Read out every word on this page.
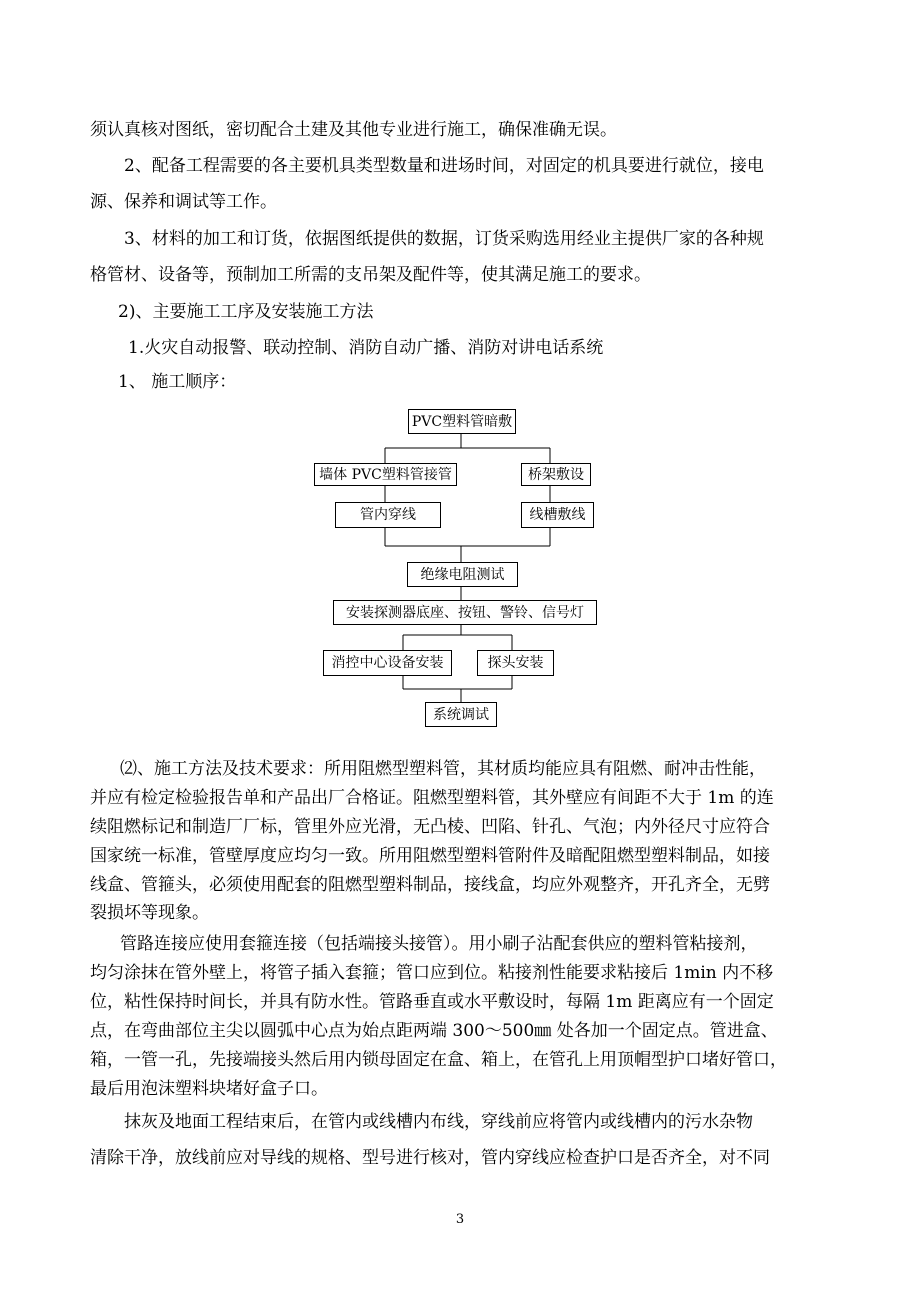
须认真核对图纸，密切配合土建及其他专业进行施工，确保准确无误。
2、配备工程需要的各主要机具类型数量和进场时间，对固定的机具要进行就位，接电
源、保养和调试等工作。
3、材料的加工和订货，依据图纸提供的数据，订货采购选用经业主提供厂家的各种规
格管材、设备等，预制加工所需的支吊架及配件等，使其满足施工的要求。
2)、主要施工工序及安装施工方法
1.火灾自动报警、联动控制、消防自动广播、消防对讲电话系统
1、 施工顺序：
PVC塑料管暗敷
墙体 PVC塑料管接管	桥架敷设
管内穿线	线槽敷线
绝缘电阻测试
安装探测器底座、按钮、警铃、信号灯
消控中心设备安装	探头安装
系统调试
⑵、施工方法及技术要求：所用阻燃型塑料管，其材质均能应具有阻燃、耐冲击性能，
并应有检定检验报告单和产品出厂合格证。阻燃型塑料管，其外壁应有间距不大于 1m 的连
续阻燃标记和制造厂厂标，管里外应光滑，无凸棱、凹陷、针孔、气泡；内外径尺寸应符合
国家统一标准，管壁厚度应均匀一致。所用阻燃型塑料管附件及暗配阻燃型塑料制品，如接
线盒、管箍头，必须使用配套的阻燃型塑料制品，接线盒，均应外观整齐，开孔齐全，无劈
裂损坏等现象。
管路连接应使用套箍连接（包括端接头接管）。用小刷子沾配套供应的塑料管粘接剂，
均匀涂抹在管外壁上，将管子插入套箍；管口应到位。粘接剂性能要求粘接后 1min 内不移
位，粘性保持时间长，并具有防水性。管路垂直或水平敷设时，每隔 1m 距离应有一个固定
点，在弯曲部位主尖以圆弧中心点为始点距两端 300～500㎜ 处各加一个固定点。管进盒、
箱，一管一孔，先接端接头然后用内锁母固定在盒、箱上，在管孔上用顶帽型护口堵好管口，
最后用泡沫塑料块堵好盒子口。
抹灰及地面工程结束后，在管内或线槽内布线，穿线前应将管内或线槽内的污水杂物
清除干净，放线前应对导线的规格、型号进行核对，管内穿线应检查护口是否齐全，对不同
3
